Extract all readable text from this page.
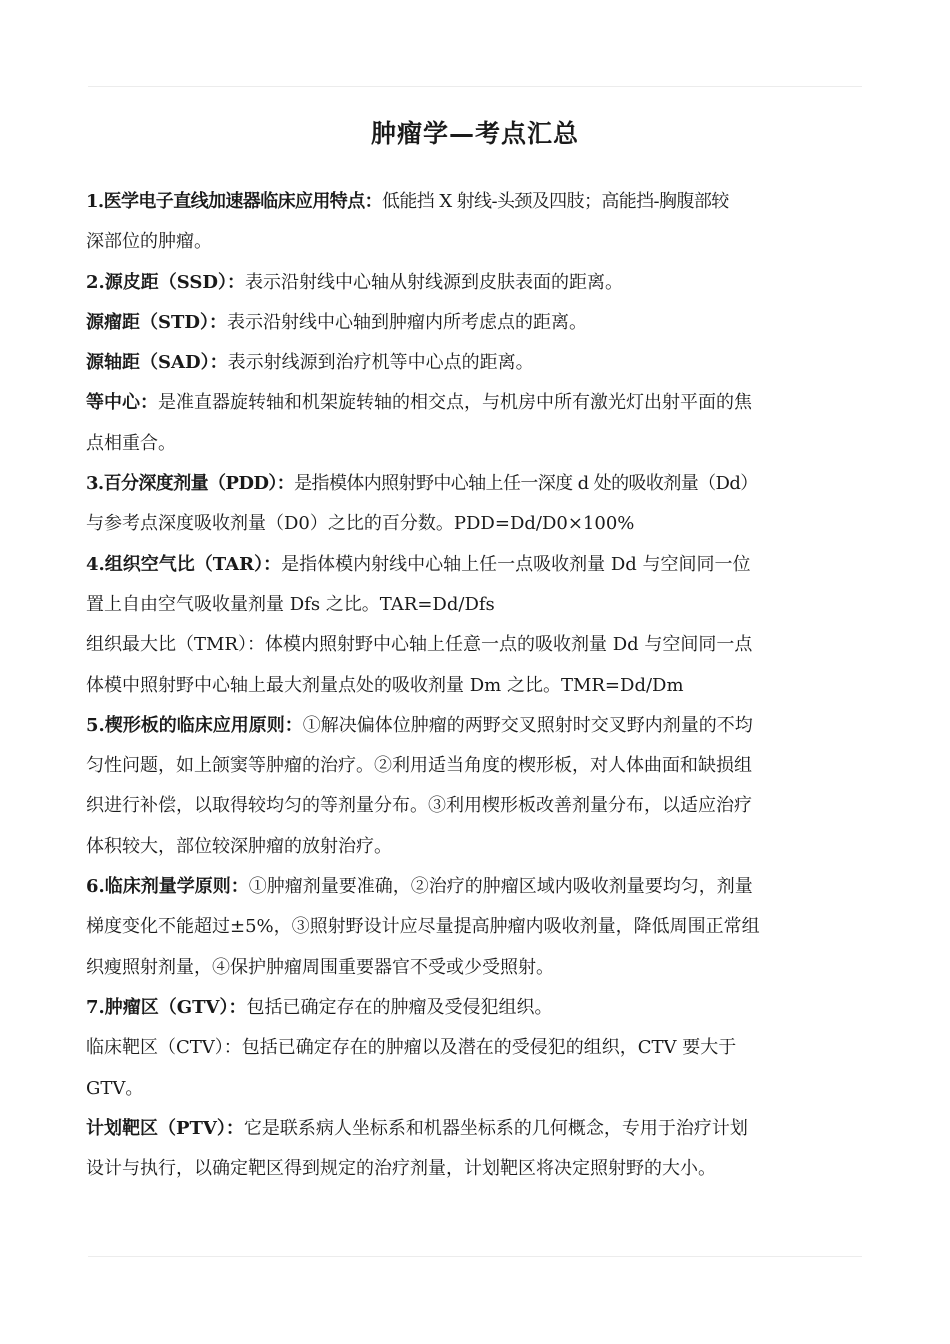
肿瘤学—考点汇总
1.医学电子直线加速器临床应用特点：低能挡 X 射线-头颈及四肢；高能挡-胸腹部较
深部位的肿瘤。
2.源皮距（SSD）：表示沿射线中心轴从射线源到皮肤表面的距离。
源瘤距（STD）：表示沿射线中心轴到肿瘤内所考虑点的距离。
源轴距（SAD）：表示射线源到治疗机等中心点的距离。
等中心：是准直器旋转轴和机架旋转轴的相交点，与机房中所有激光灯出射平面的焦
点相重合。
3.百分深度剂量（PDD）：是指模体内照射野中心轴上任一深度 d 处的吸收剂量（Dd）
与参考点深度吸收剂量（D0）之比的百分数。PDD=Dd/D0×100%
4.组织空气比（TAR）：是指体模内射线中心轴上任一点吸收剂量 Dd 与空间同一位
置上自由空气吸收量剂量 Dfs 之比。TAR=Dd/Dfs
组织最大比（TMR）：体模内照射野中心轴上任意一点的吸收剂量 Dd 与空间同一点
体模中照射野中心轴上最大剂量点处的吸收剂量 Dm 之比。TMR=Dd/Dm
5.楔形板的临床应用原则：①解决偏体位肿瘤的两野交叉照射时交叉野内剂量的不均
匀性问题，如上颌窦等肿瘤的治疗。②利用适当角度的楔形板，对人体曲面和缺损组
织进行补偿，以取得较均匀的等剂量分布。③利用楔形板改善剂量分布，以适应治疗
体积较大，部位较深肿瘤的放射治疗。
6.临床剂量学原则：①肿瘤剂量要准确，②治疗的肿瘤区域内吸收剂量要均匀，剂量
梯度变化不能超过±5%，③照射野设计应尽量提高肿瘤内吸收剂量，降低周围正常组
织瘦照射剂量，④保护肿瘤周围重要器官不受或少受照射。
7.肿瘤区（GTV）：包括已确定存在的肿瘤及受侵犯组织。
临床靶区（CTV）：包括已确定存在的肿瘤以及潜在的受侵犯的组织，CTV 要大于
GTV。
计划靶区（PTV）：它是联系病人坐标系和机器坐标系的几何概念，专用于治疗计划
设计与执行，以确定靶区得到规定的治疗剂量，计划靶区将决定照射野的大小。
